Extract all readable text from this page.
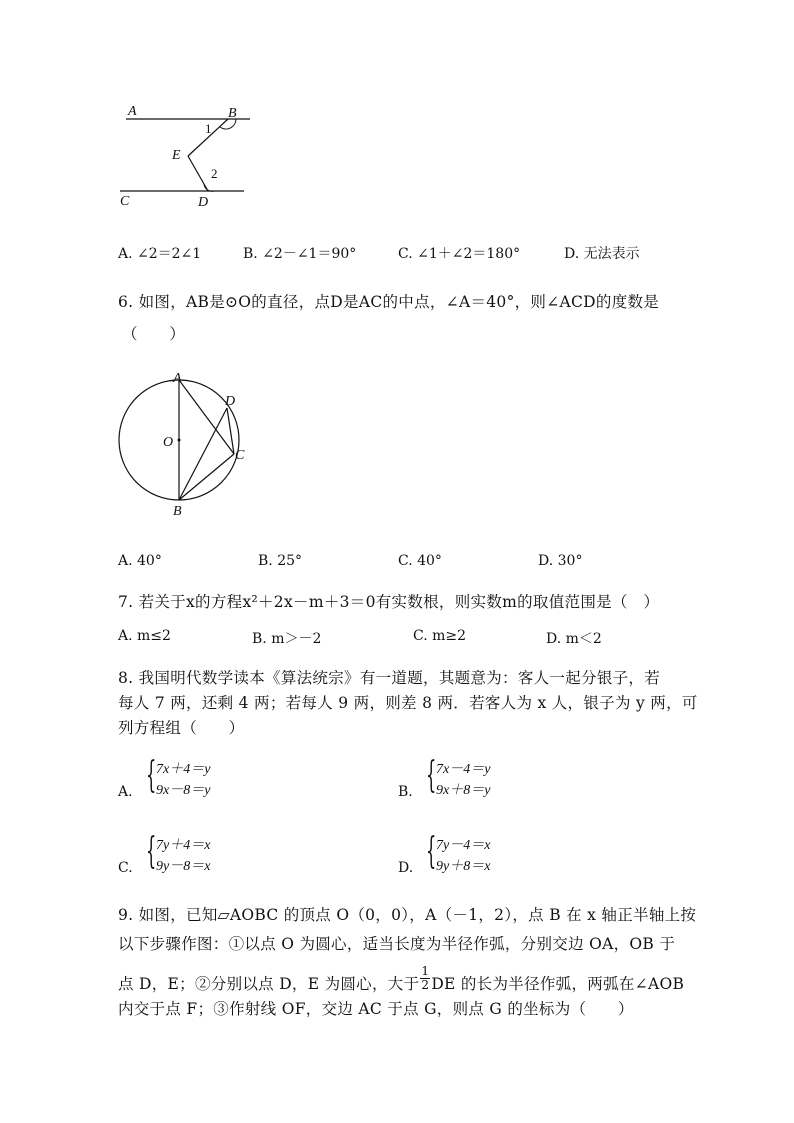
A	B
E
1
2
C	D
A. ∠2＝2∠1	B. ∠2－∠1＝90°	C. ∠1＋∠2＝180°	D. 无法表示
6. 如图，AB是⊙O的直径，点D是AC的中点，∠A＝40°，则∠ACD的度数是
（　　）
A
D
O
C
B
A. 40°	B. 25°	C. 40°	D. 30°
7. 若关于x的方程x²＋2x－m＋3＝0有实数根，则实数m的取值范围是（　）
A. m≤2	B. m＞－2	C. m≥2	D. m＜2
8. 我国明代数学读本《算法统宗》有一道题，其题意为：客人一起分银子，若
每人 7 两，还剩 4 两；若每人 9 两，则差 8 两．若客人为 x 人，银子为 y 两，可
列方程组（　　）
A. { 7x＋4＝y
9x－8＝y	B. { 7x－4＝y
9x＋8＝y
C. { 7y＋4＝x
9y－8＝x	D. { 7y－4＝x
9y＋8＝x
9. 如图，已知▱AOBC 的顶点 O（0，0），A（－1，2），点 B 在 x 轴正半轴上按
以下步骤作图：①以点 O 为圆心，适当长度为半径作弧，分别交边 OA，OB 于
点 D，E；②分别以点 D，E 为圆心，大于 $\frac{1}{2}$ DE 的长为半径作弧，两弧在∠AOB
内交于点 F；③作射线 OF，交边 AC 于点 G，则点 G 的坐标为（　　）
